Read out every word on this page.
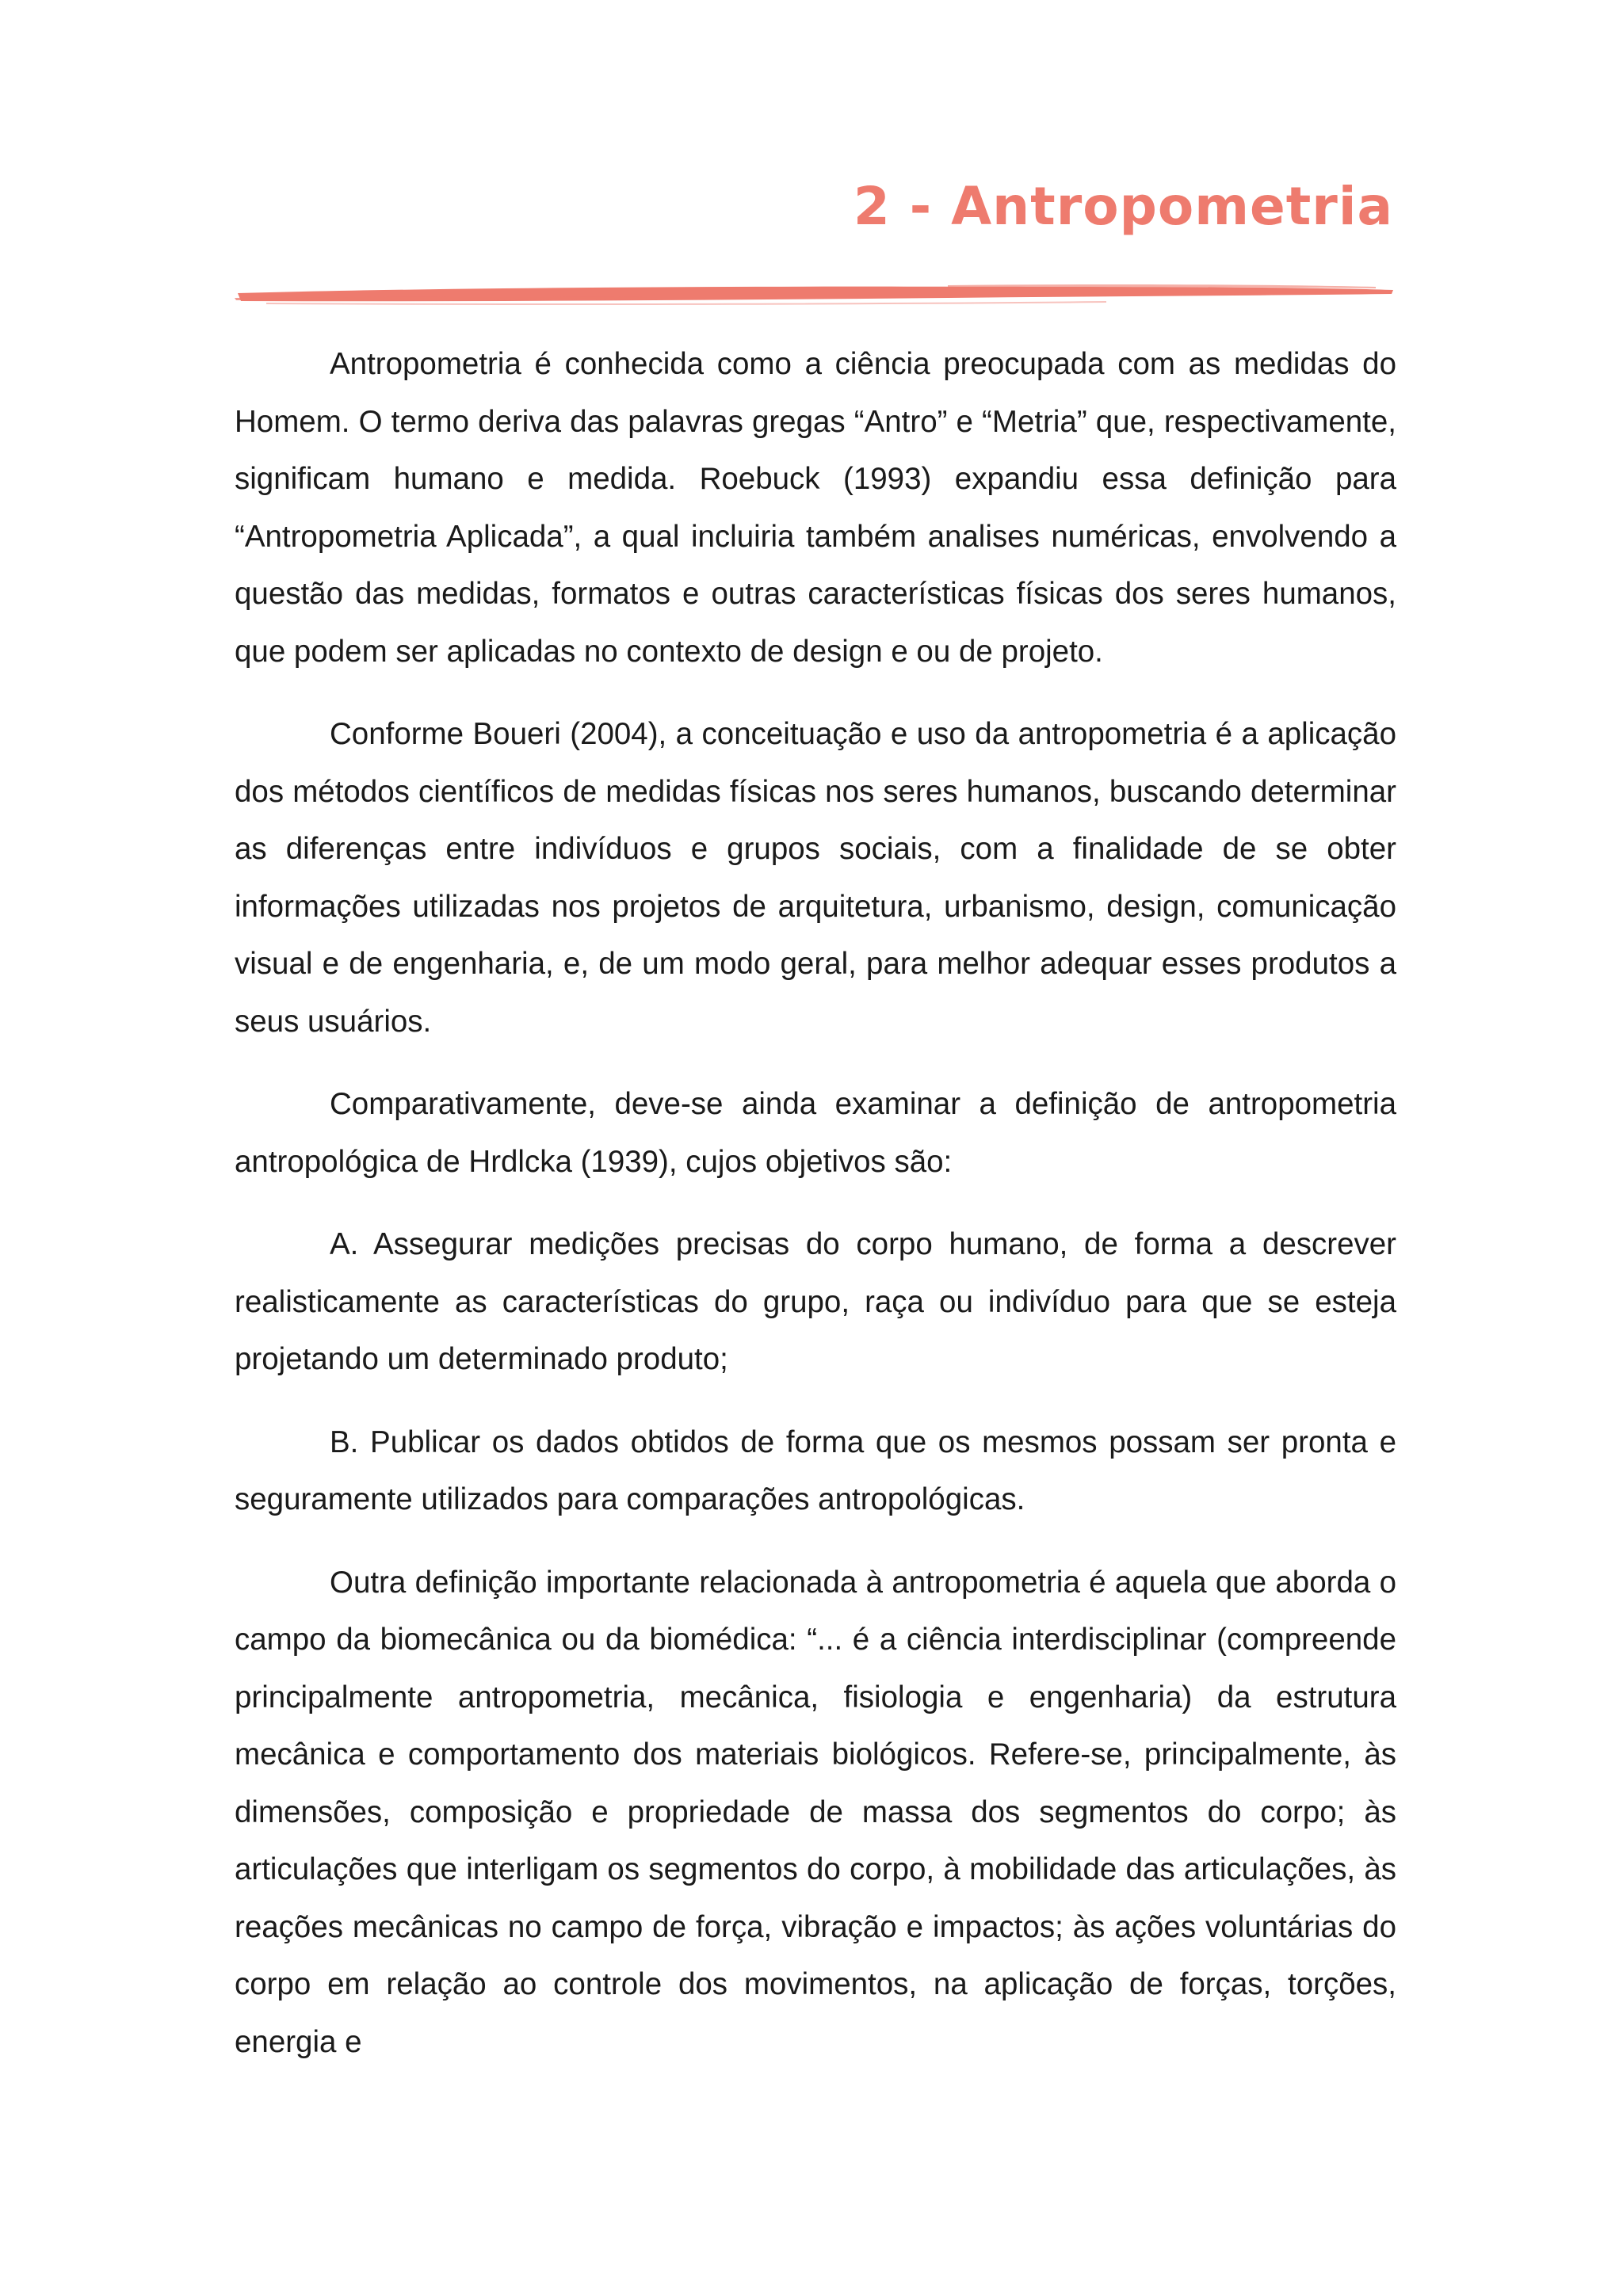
2 - Antropometria

Antropometria é conhecida como a ciência preocupada com as medidas do Homem. O termo deriva das palavras gregas “Antro” e “Metria” que, respectivamente, significam humano e medida. Roebuck (1993) expandiu essa definição para “Antropometria Aplicada”, a qual incluiria também analises numéricas, envolvendo a questão das medidas, formatos e outras características físicas dos seres humanos, que podem ser aplicadas no contexto de design e ou de projeto.

Conforme Boueri (2004), a conceituação e uso da antropometria é a aplicação dos métodos científicos de medidas físicas nos seres humanos, buscando determinar as diferenças entre indivíduos e grupos sociais, com a finalidade de se obter informações utilizadas nos projetos de arquitetura, urbanismo, design, comunicação visual e de engenharia, e, de um modo geral, para melhor adequar esses produtos a seus usuários.

Comparativamente, deve-se ainda examinar a definição de antropometria antropológica de Hrdlcka (1939), cujos objetivos são:

A. Assegurar medições precisas do corpo humano, de forma a descrever realisticamente as características do grupo, raça ou indivíduo para que se esteja projetando um determinado produto;

B. Publicar os dados obtidos de forma que os mesmos possam ser pronta e seguramente utilizados para comparações antropológicas.

Outra definição importante relacionada à antropometria é aquela que aborda o campo da biomecânica ou da biomédica: “... é a ciência interdisciplinar (compreende principalmente antropometria, mecânica, fisiologia e engenharia) da estrutura mecânica e comportamento dos materiais biológicos. Refere-se, principalmente, às dimensões, composição e propriedade de massa dos segmentos do corpo; às articulações que interligam os segmentos do corpo, à mobilidade das articulações, às reações mecânicas no campo de força, vibração e impactos; às ações voluntárias do corpo em relação ao controle dos movimentos, na aplicação de forças, torções, energia e
